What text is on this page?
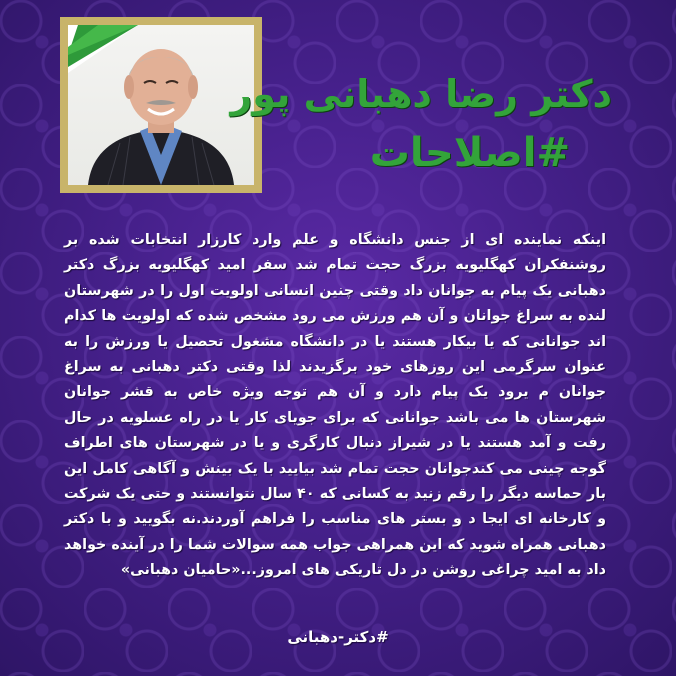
دکتر رضا دهبانی پور
#اصلاحات
اینکه نماینده ای از جنس دانشگاه و علم وارد کارزار انتخابات شده بر روشنفکران کهگلیویه بزرگ حجت تمام شد سفر امید کهگلیویه بزرگ دکتر دهبانی یک پیام به جوانان داد وقتی چنین انسانی اولویت اول را در شهرستان لنده به سراغ جوانان و آن هم ورزش می رود مشخص شده که اولویت ها کدام اند جوانانی که یا بیکار هستند یا در دانشگاه مشغول تحصیل یا ورزش را به عنوان سرگرمی این روزهای خود برگزیدند لذا وقتی دکتر دهبانی به سراغ جوانان م یرود یک پیام دارد و آن هم توجه ویژه خاص به قشر جوانان شهرستان ها می باشد جوانانی که برای جویای کار یا در راه عسلویه در حال رفت و آمد هستند یا در شیراز دنبال کارگری و یا در شهرستان های اطراف گوجه چینی می کندجوانان حجت تمام شد بیایید با یک بینش و آگاهی کامل این بار حماسه دیگر را رقم زنید به کسانی که ۴۰ سال نتوانستند و حتی یک شرکت و کارخانه ای ایجا د و بستر های مناسب را فراهم آوردند.نه بگویید و با دکتر دهبانی همراه شوید که این همراهی جواب همه سوالات شما را در آینده خواهد داد به امید چراغی روشن در دل تاریکی های امروز...«حامیان دهبانی»
#دکتر-دهبانی
